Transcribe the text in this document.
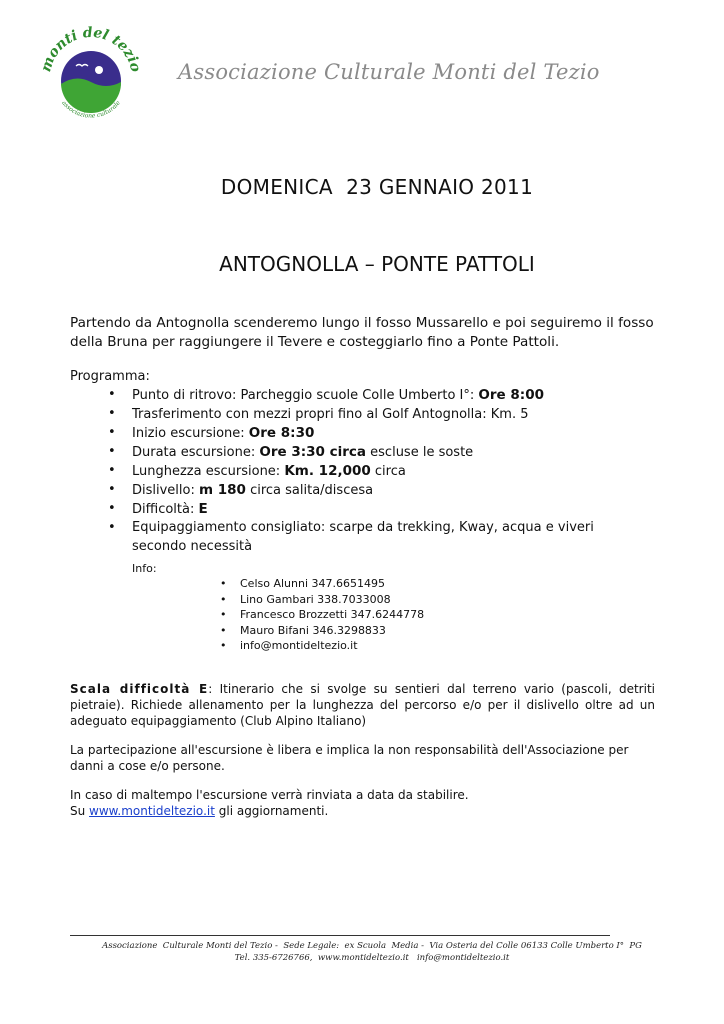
monti del tezio
associazione culturale
Associazione Culturale Monti del Tezio
DOMENICA  23 GENNAIO 2011
ANTOGNOLLA – PONTE PATTOLI
Partendo da Antognolla scenderemo lungo il fosso Mussarello e poi seguiremo il fosso della Bruna per raggiungere il Tevere e costeggiarlo fino a Ponte Pattoli.
Programma:
• Punto di ritrovo: Parcheggio scuole Colle Umberto I°: Ore 8:00
• Trasferimento con mezzi propri fino al Golf Antognolla: Km. 5
• Inizio escursione: Ore 8:30
• Durata escursione: Ore 3:30 circa escluse le soste
• Lunghezza escursione: Km. 12,000 circa
• Dislivello: m 180 circa salita/discesa
• Difficoltà: E
• Equipaggiamento consigliato: scarpe da trekking, Kway, acqua e viveri secondo necessità
Info:
• Celso Alunni 347.6651495
• Lino Gambari 338.7033008
• Francesco Brozzetti 347.6244778
• Mauro Bifani 346.3298833
• info@montideltezio.it
Scala difficoltà E: Itinerario che si svolge su sentieri dal terreno vario (pascoli, detriti
pietraie). Richiede allenamento per la lunghezza del percorso e/o per il dislivello oltre ad un
adeguato equipaggiamento (Club Alpino Italiano)
La partecipazione all'escursione è libera e implica la non responsabilità dell'Associazione per danni a cose e/o persone.
In caso di maltempo l'escursione verrà rinviata a data da stabilire.
Su www.montideltezio.it gli aggiornamenti.
Associazione  Culturale Monti del Tezio -  Sede Legale:  ex Scuola  Media -  Via Osteria del Colle 06133 Colle Umberto I°  PG
Tel. 335-6726766,  www.montideltezio.it   info@montideltezio.it
